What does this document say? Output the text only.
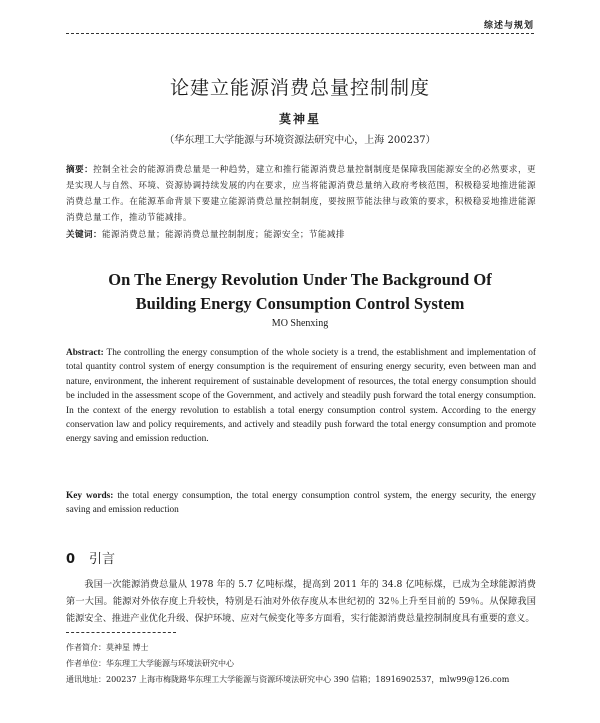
综述与规划
论建立能源消费总量控制制度
莫神星
（华东理工大学能源与环境资源法研究中心，上海 200237）
摘要：控制全社会的能源消费总量是一种趋势，建立和推行能源消费总量控制制度是保障我国能源安全的必然要求，更是实现人与自然、环境、资源协调持续发展的内在要求，应当将能源消费总量纳入政府考核范围，积极稳妥地推进能源消费总量工作。在能源革命背景下要建立能源消费总量控制制度，要按照节能法律与政策的要求，积极稳妥地推进能源消费总量工作，推动节能减排。
关键词：能源消费总量；能源消费总量控制制度；能源安全；节能减排
On The Energy Revolution Under The Background Of
Building Energy Consumption Control System
MO Shenxing
Abstract: The controlling the energy consumption of the whole society is a trend, the establishment and implementation of total quantity control system of energy consumption is the requirement of ensuring energy security, even between man and nature, environment, the inherent requirement of sustainable development of resources, the total energy consumption should be included in the assessment scope of the Government, and actively and steadily push forward the total energy consumption. In the context of the energy revolution to establish a total energy consumption control system. According to the energy conservation law and policy requirements, and actively and steadily push forward the total energy consumption and promote energy saving and emission reduction.
Key words: the total energy consumption, the total energy consumption control system, the energy security, the energy saving and emission reduction
0 引言
我国一次能源消费总量从 1978 年的 5.7 亿吨标煤，提高到 2011 年的 34.8 亿吨标煤，已成为全球能源消费第一大国。能源对外依存度上升较快，特别是石油对外依存度从本世纪初的 32％上升至目前的 59％。从保障我国能源安全、推进产业优化升级、保护环境、应对气候变化等多方面看，实行能源消费总量控制制度具有重要的意义。
作者简介：莫神星 博士
作者单位：华东理工大学能源与环境法研究中心
通讯地址：200237 上海市梅陇路华东理工大学能源与资源环境法研究中心 390 信箱；18916902537，mlw99@126.com
